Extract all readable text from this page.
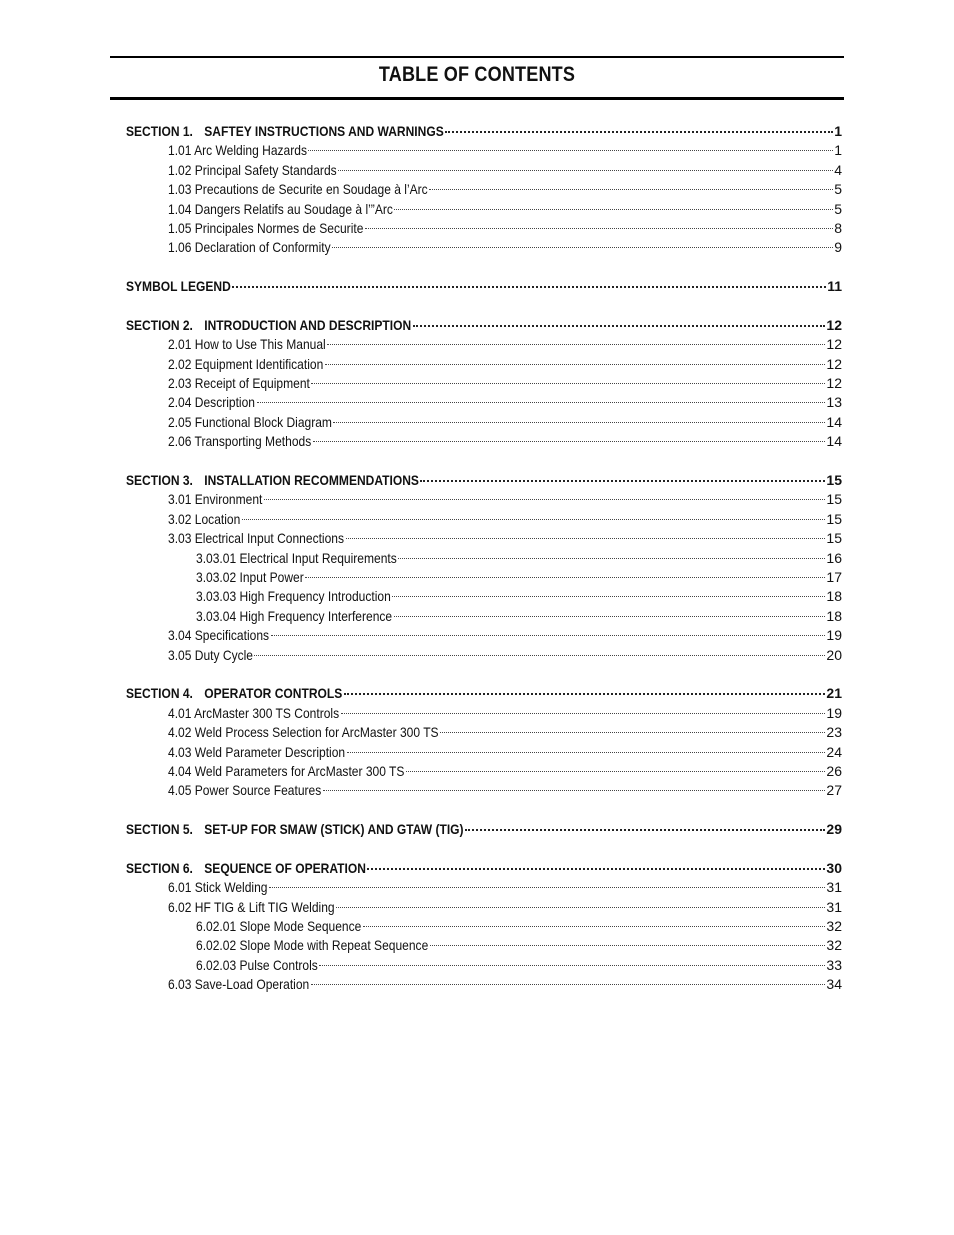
TABLE OF CONTENTS
SECTION 1. SAFTEY INSTRUCTIONS AND WARNINGS	1
1.01 Arc Welding Hazards	1
1.02 Principal Safety Standards	4
1.03 Precautions de Securite en Soudage à l’Arc	5
1.04 Dangers Relatifs au Soudage à l’”Arc	5
1.05 Principales Normes de Securite	8
1.06 Declaration of Conformity	9
SYMBOL LEGEND	11
SECTION 2. INTRODUCTION AND DESCRIPTION	12
2.01 How to Use This Manual	12
2.02 Equipment Identification	12
2.03 Receipt of Equipment	12
2.04 Description	13
2.05 Functional Block Diagram	14
2.06 Transporting Methods	14
SECTION 3. INSTALLATION RECOMMENDATIONS	15
3.01 Environment	15
3.02 Location	15
3.03 Electrical Input Connections	15
3.03.01 Electrical Input Requirements	16
3.03.02 Input Power	17
3.03.03 High Frequency Introduction	18
3.03.04 High Frequency Interference	18
3.04 Specifications	19
3.05 Duty Cycle	20
SECTION 4. OPERATOR CONTROLS	21
4.01 ArcMaster 300 TS Controls	19
4.02 Weld Process Selection for ArcMaster 300 TS	23
4.03 Weld Parameter Description	24
4.04 Weld Parameters for ArcMaster 300 TS	26
4.05 Power Source Features	27
SECTION 5. SET-UP FOR SMAW (STICK) AND GTAW (TIG)	29
SECTION 6. SEQUENCE OF OPERATION	30
6.01 Stick Welding	31
6.02 HF TIG & Lift TIG Welding	31
6.02.01 Slope Mode Sequence	32
6.02.02 Slope Mode with Repeat Sequence	32
6.02.03 Pulse Controls	33
6.03 Save-Load Operation	34
